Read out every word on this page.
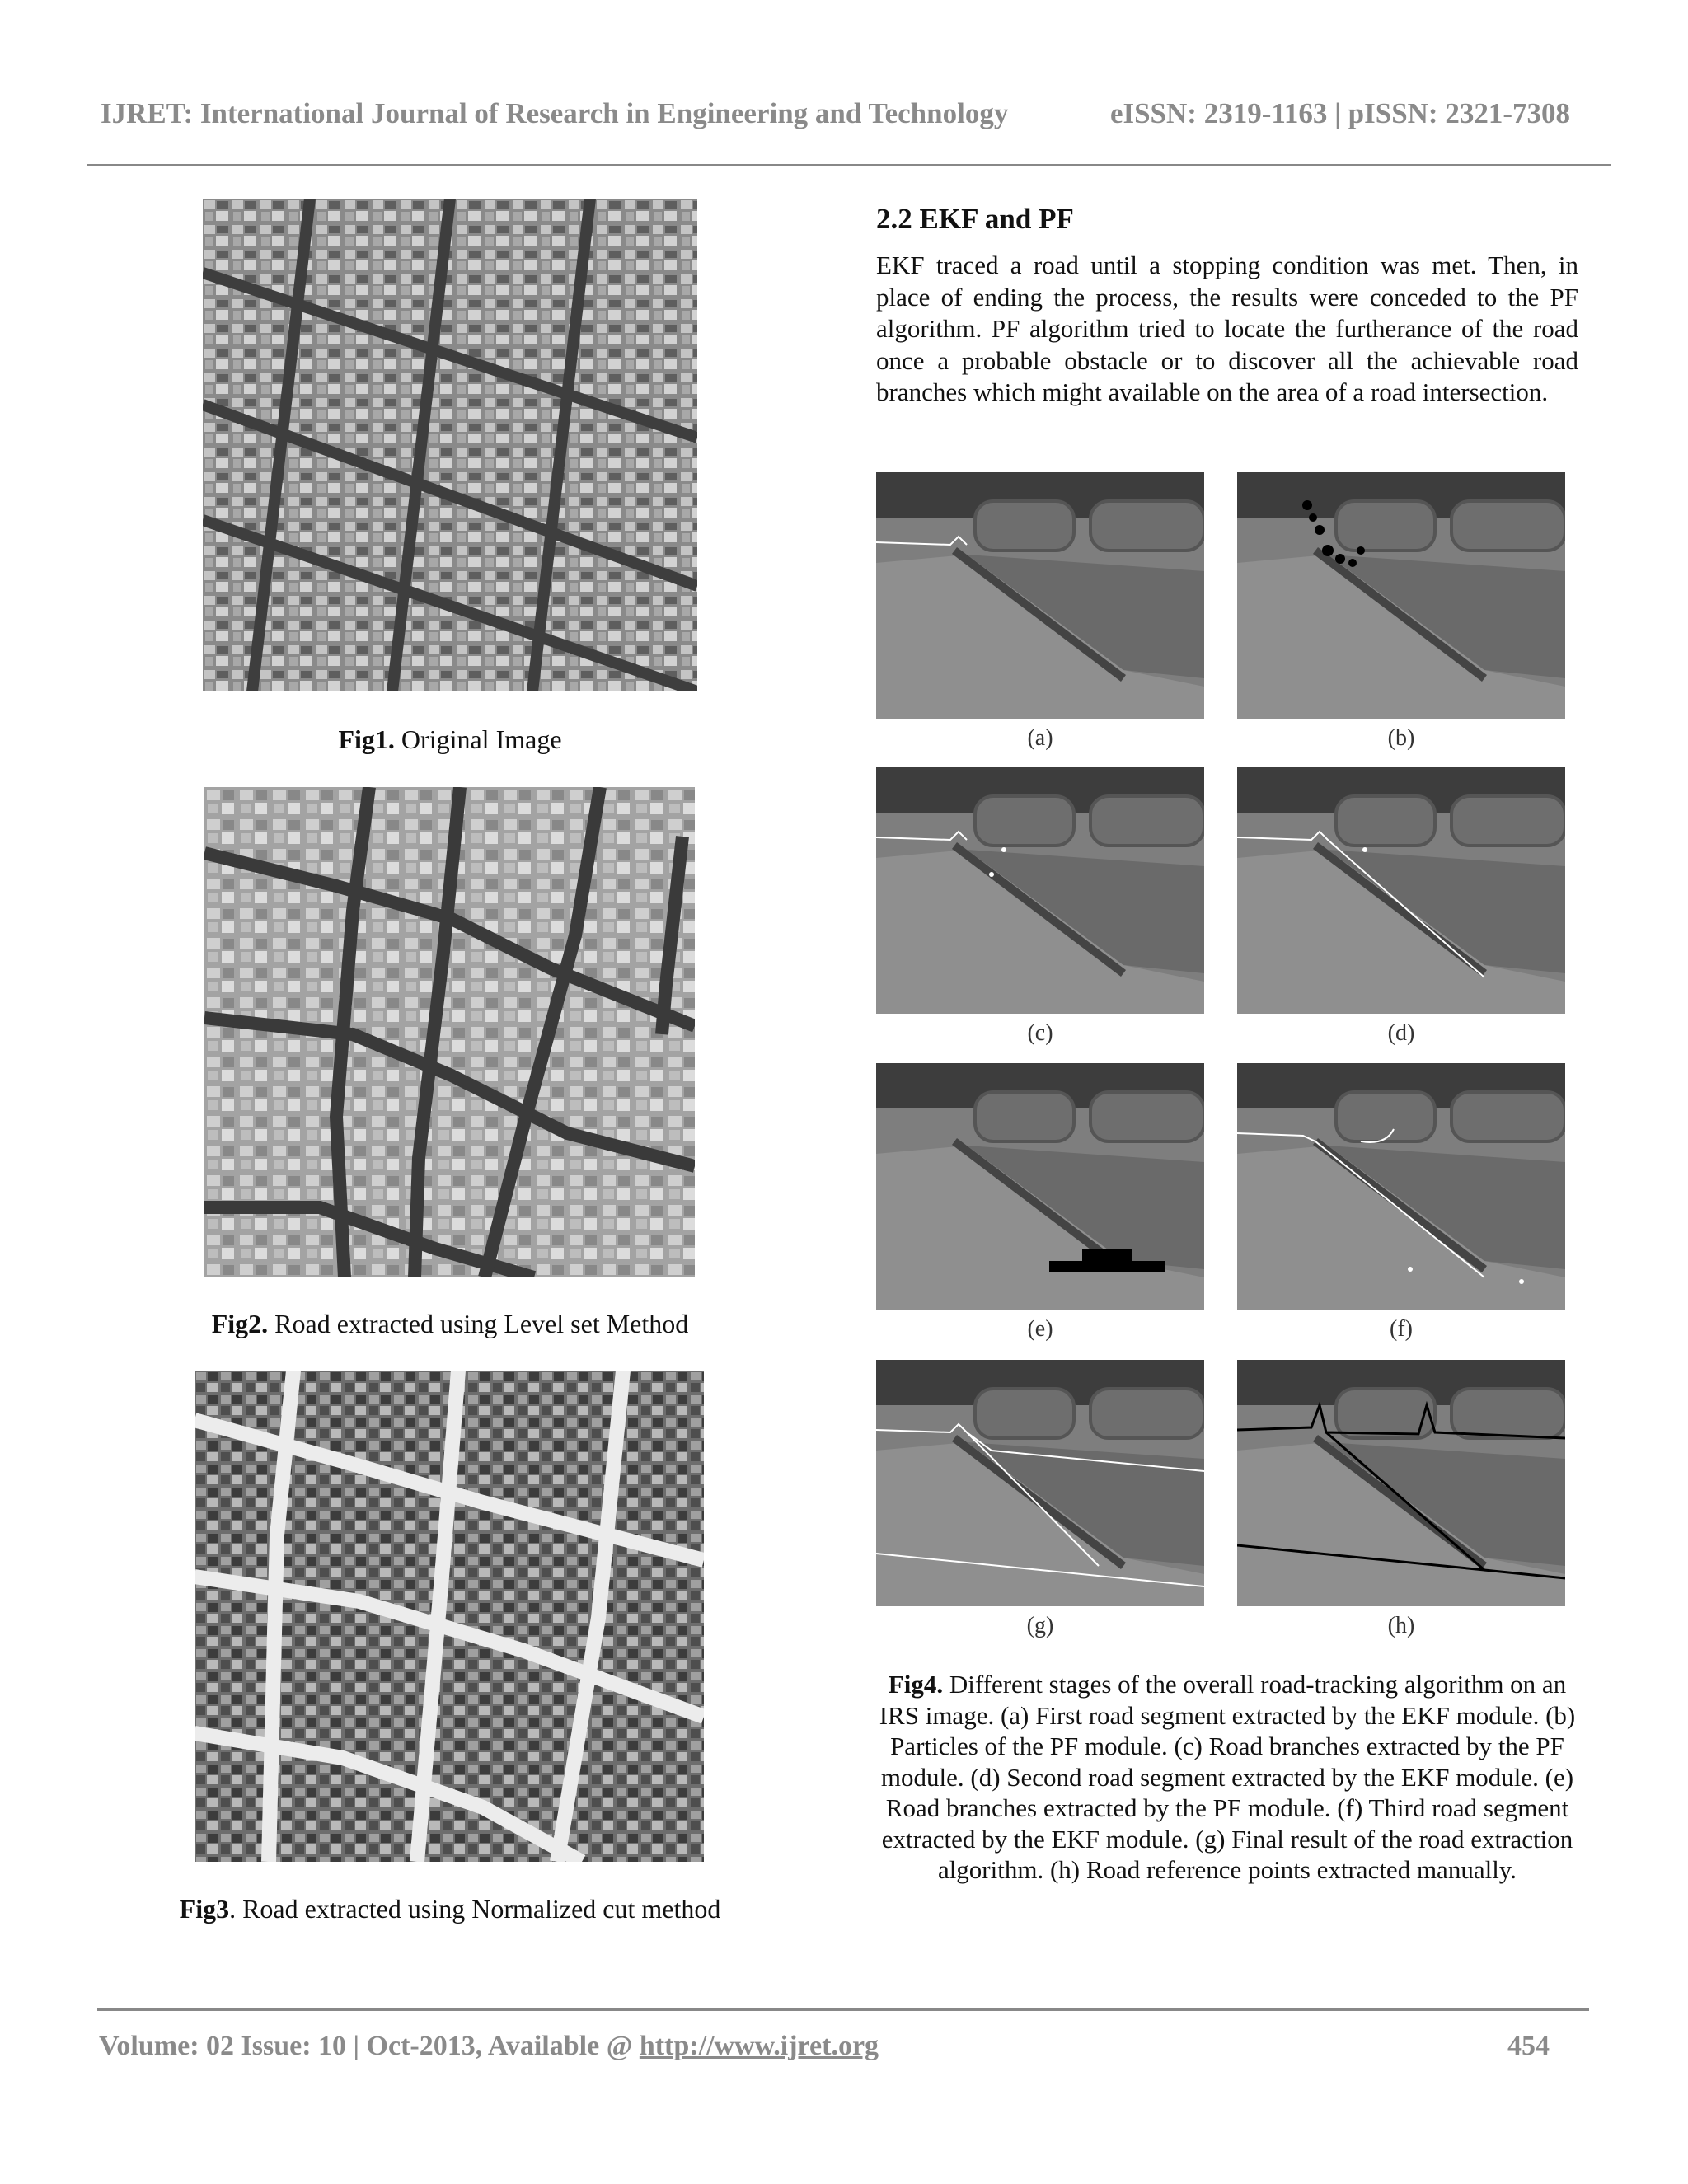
IJRET: International Journal of Research in Engineering and Technology	eISSN: 2319-1163 | pISSN: 2321-7308
Fig1. Original Image
Fig2. Road extracted using Level set Method
Fig3. Road extracted using Normalized cut method
2.2 EKF and PF
EKF traced a road until a stopping condition was met. Then, in place of ending the process, the results were conceded to the PF algorithm. PF algorithm tried to locate the furtherance of the road once a probable obstacle or to discover all the achievable road branches which might available on the area of a road intersection.
(a)	(b)
(c)	(d)
(e)	(f)
(g)	(h)
Fig4. Different stages of the overall road-tracking algorithm on an IRS image. (a) First road segment extracted by the EKF module. (b) Particles of the PF module. (c) Road branches extracted by the PF module. (d) Second road segment extracted by the EKF module. (e) Road branches extracted by the PF module. (f) Third road segment extracted by the EKF module. (g) Final result of the road extraction algorithm. (h) Road reference points extracted manually.
Volume: 02 Issue: 10 | Oct-2013, Available @ http://www.ijret.org	454
